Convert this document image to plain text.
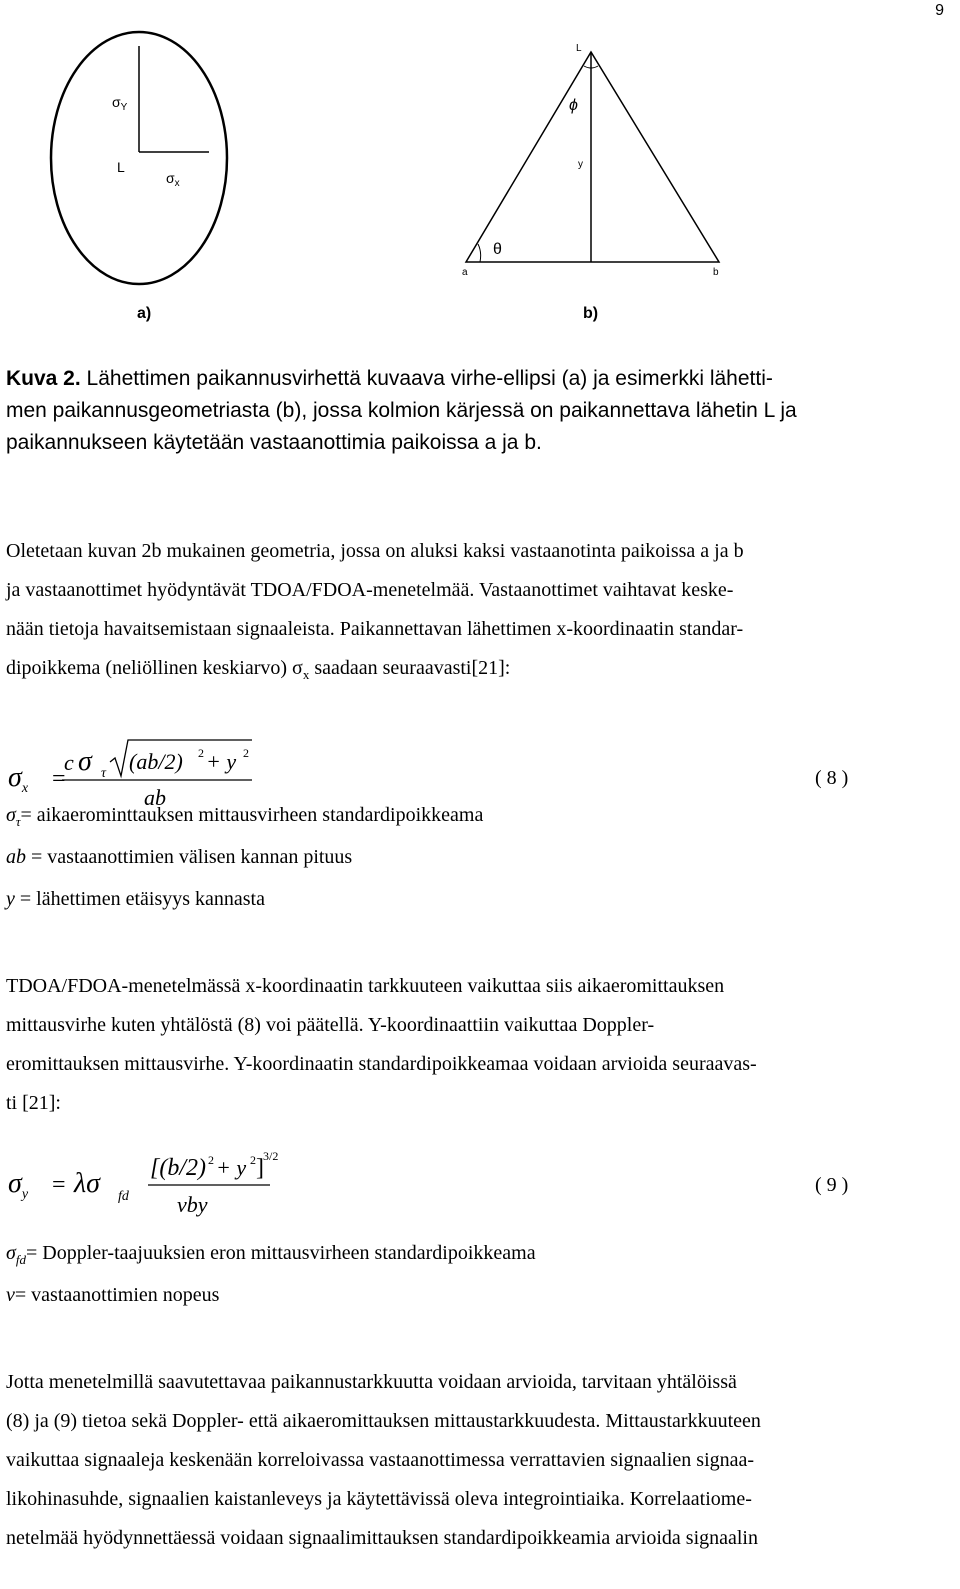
9
$\sigma_Y$
L
$\sigma_x$
L
ϕ
y
θ
a	b
a)	b)
Kuva 2. Lähettimen paikannusvirhettä kuvaava virhe-ellipsi (a) ja esimerkki lähetti-
men paikannusgeometriasta (b), jossa kolmion kärjessä on paikannettava lähetin L ja
paikannukseen käytetään vastaanottimia paikoissa a ja b.
Oletetaan kuvan 2b mukainen geometria, jossa on aluksi kaksi vastaanotinta paikoissa a ja b
ja vastaanottimet hyödyntävät TDOA/FDOA-menetelmää. Vastaanottimet vaihtavat keske-
nään tietoja havaitsemistaan signaaleista. Paikannettavan lähettimen x-koordinaatin standar-
dipoikkema (neliöllinen keskiarvo) $\sigma_x$ saadaan seuraavasti[21]:
$\sigma_x$ =
c σ τ (ab/2) 2 + y 2
ab
( 8 )
$\sigma_\tau=$ aikaerominttauksen mittausvirheen standardipoikkeama
ab = vastaanottimien välisen kannan pituus
y = lähettimen etäisyys kannasta
TDOA/FDOA-menetelmässä x-koordinaatin tarkkuuteen vaikuttaa siis aikaeromittauksen
mittausvirhe kuten yhtälöstä (8) voi päätellä. Y-koordinaattiin vaikuttaa Doppler-
eromittauksen mittausvirhe. Y-koordinaatin standardipoikkeamaa voidaan arvioida seuraavas-
ti [21]:
$\sigma_y = \lambda\sigma$ fd
[(b/2) 2 + y 2 ] 3/2
vby
( 9 )
$\sigma_{fd}=$ Doppler-taajuuksien eron mittausvirheen standardipoikkeama
v= vastaanottimien nopeus
Jotta menetelmillä saavutettavaa paikannustarkkuutta voidaan arvioida, tarvitaan yhtälöissä
(8) ja (9) tietoa sekä Doppler- että aikaeromittauksen mittaustarkkuudesta. Mittaustarkkuuteen
vaikuttaa signaaleja keskenään korreloivassa vastaanottimessa verrattavien signaalien signaa-
likohinasuhde, signaalien kaistanleveys ja käytettävissä oleva integrointiaika. Korrelaatiome-
netelmää hyödynnettäessä voidaan signaalimittauksen standardipoikkeamia arvioida signaalin
